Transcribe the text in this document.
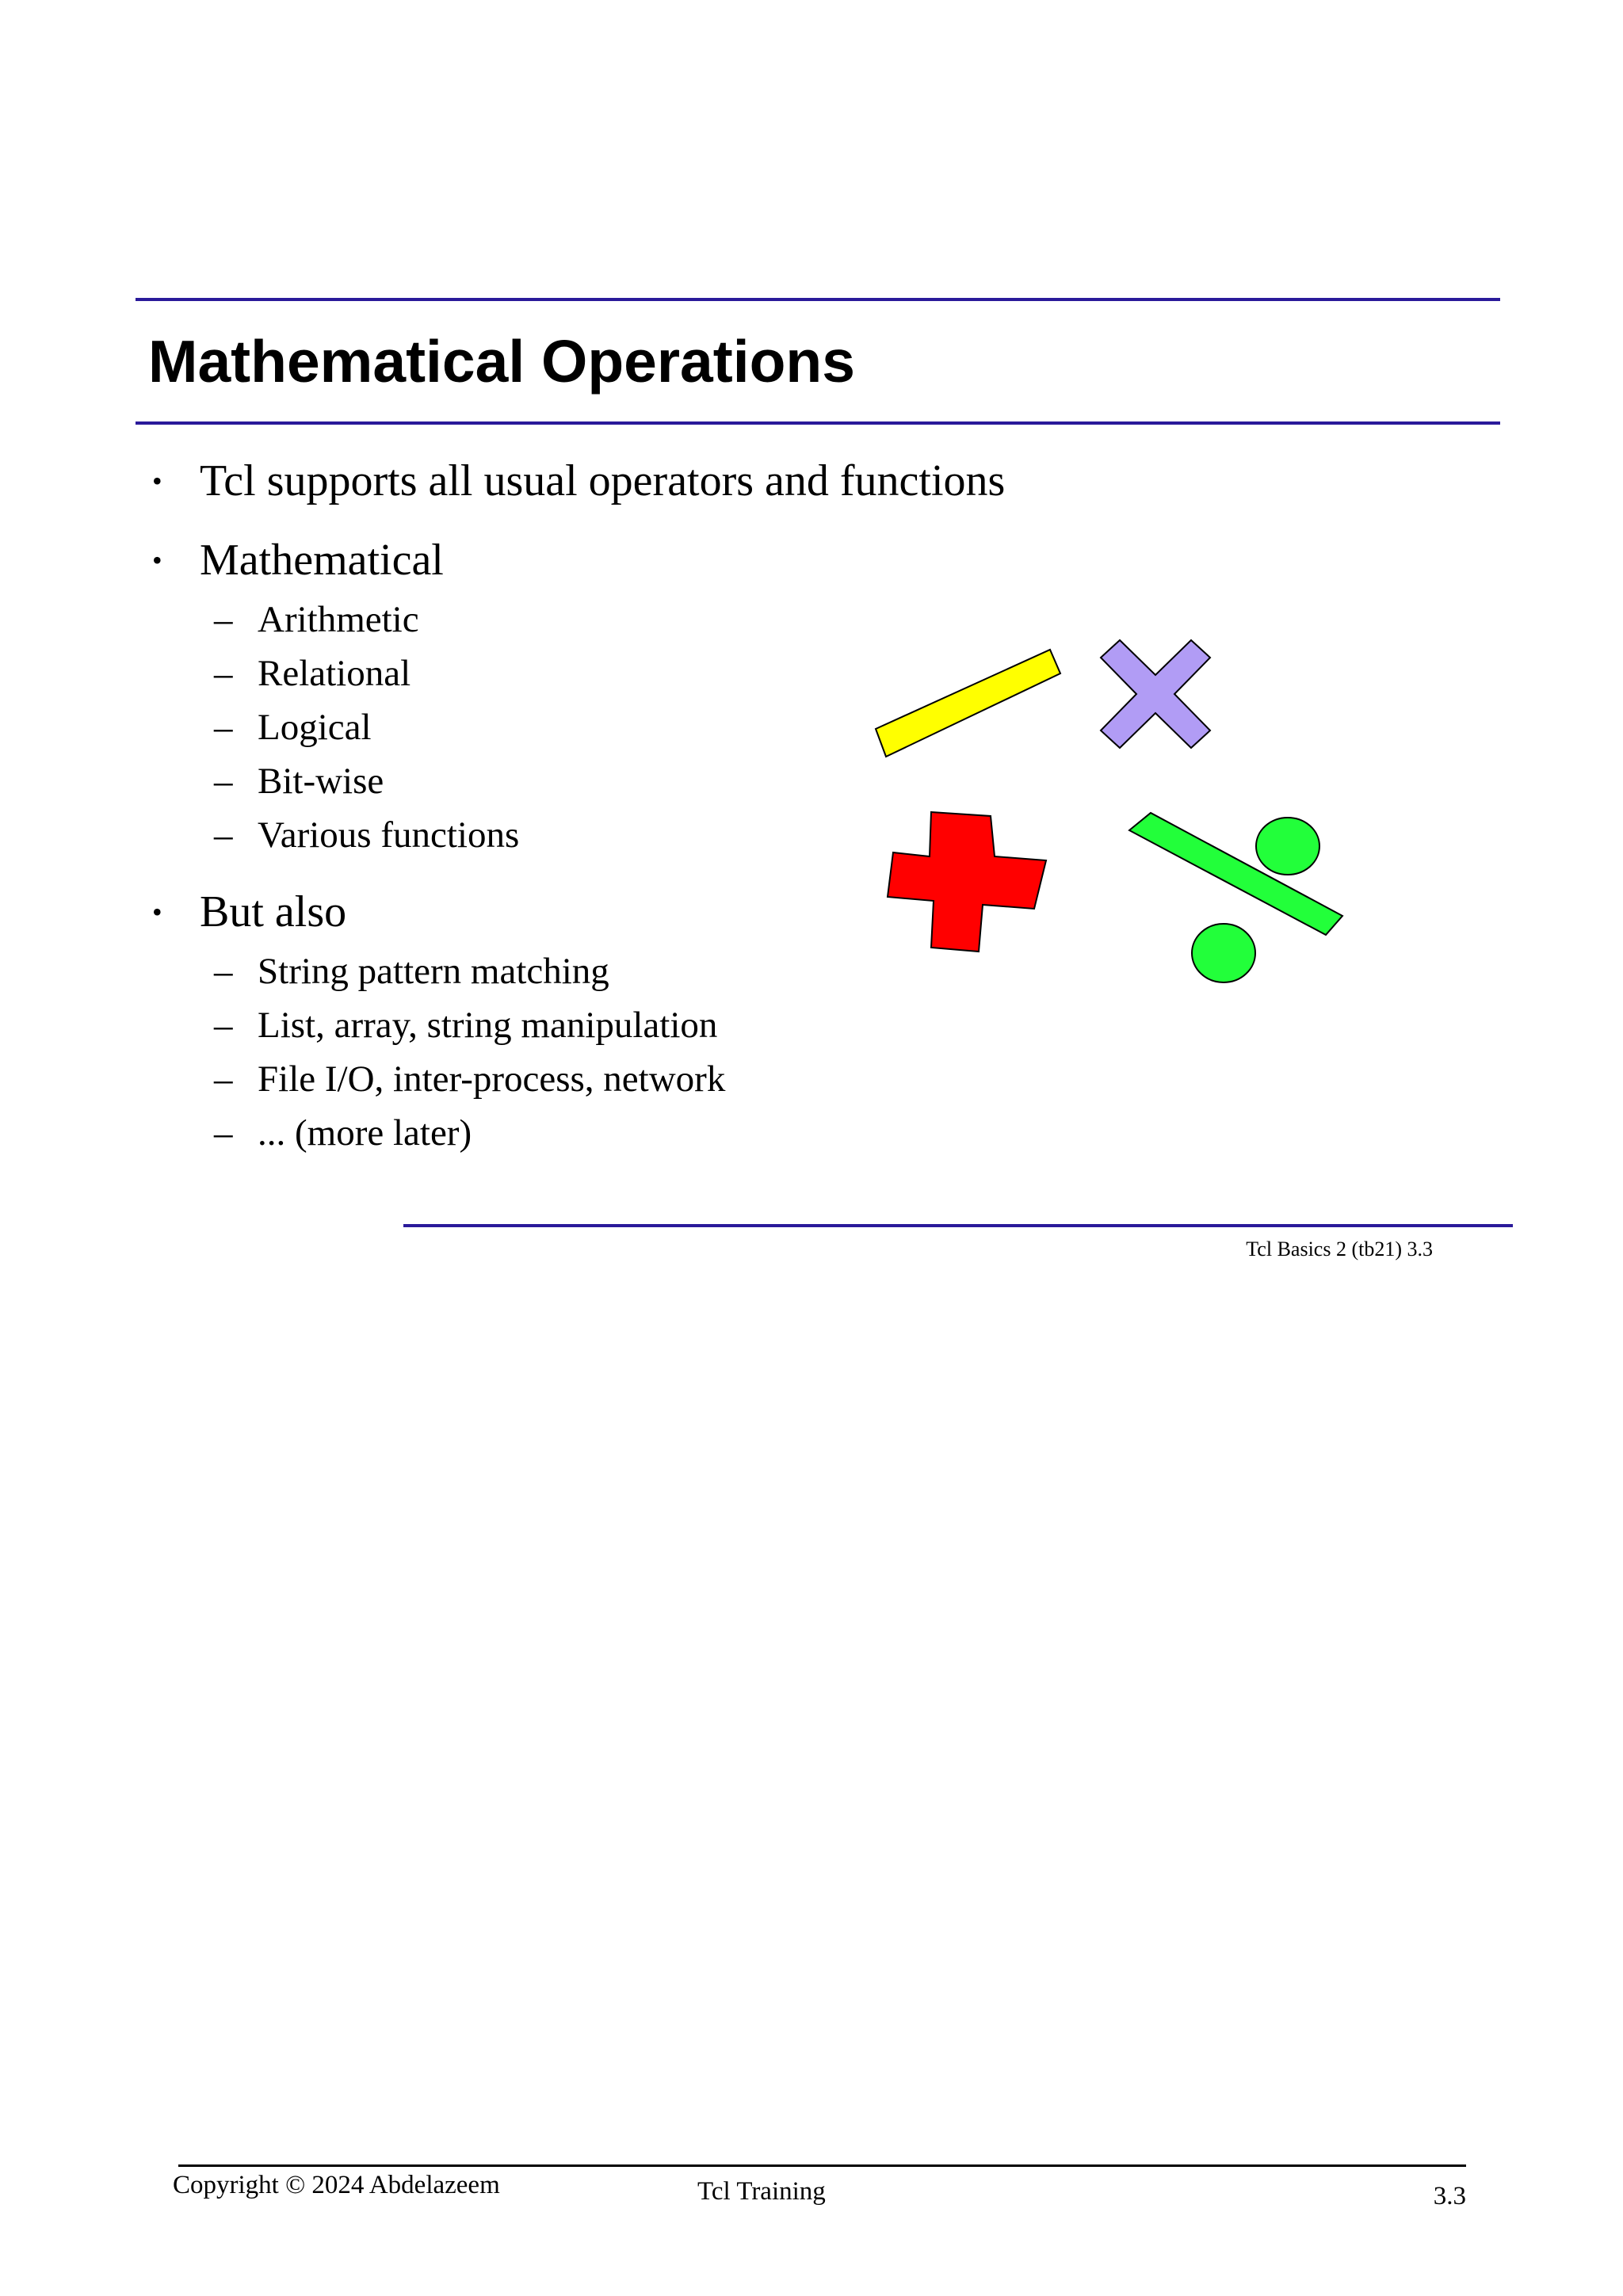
Mathematical Operations
• Tcl supports all usual operators and functions
• Mathematical
– Arithmetic
– Relational
– Logical
– Bit-wise
– Various functions
• But also
– String pattern matching
– List, array, string manipulation
– File I/O, inter-process, network
– ... (more later)
Tcl Basics 2 (tb21) 3.3
Copyright © 2024 Abdelazeem	Tcl Training	3.3
